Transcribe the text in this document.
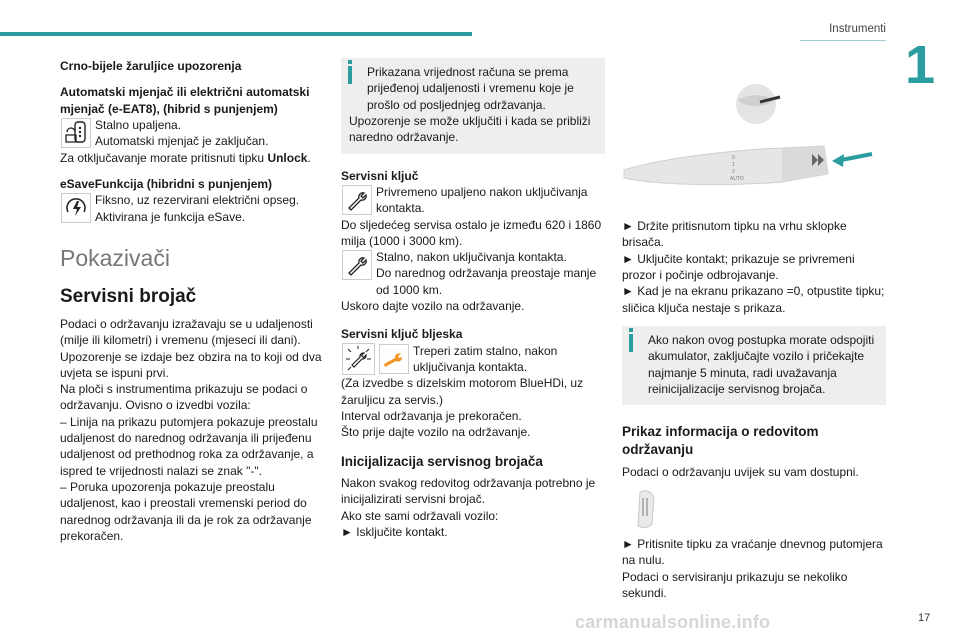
Instrumenti
1

Crno-bijele žaruljice upozorenja

Automatski mjenjač ili električni automatski mjenjač (e-EAT8), (hibrid s punjenjem)

Stalno upaljena.

Automatski mjenjač je zaključan.

Za otključavanje morate pritisnuti tipku Unlock.

eSaveFunkcija (hibridni s punjenjem)

Fiksno, uz rezervirani električni opseg.

Aktivirana je funkcija eSave.

Pokazivači

Servisni brojač

Podaci o održavanju izražavaju se u udaljenosti (milje ili kilometri) i vremenu (mjeseci ili dani).

Upozorenje se izdaje bez obzira na to koji od dva uvjeta se ispuni prvi.

Na ploči s instrumentima prikazuju se podaci o održavanju. Ovisno o izvedbi vozila:

– Linija na prikazu putomjera pokazuje preostalu udaljenost do narednog održavanja ili prijeđenu udaljenost od prethodnog roka za održavanje, a ispred te vrijednosti nalazi se znak "-".

– Poruka upozorenja pokazuje preostalu udaljenost, kao i preostali vremenski period do narednog održavanja ili da je rok za održavanje prekoračen.

Prikazana vrijednost računa se prema prijeđenoj udaljenosti i vremenu koje je prošlo od posljednjeg održavanja.

Upozorenje se može uključiti i kada se približi naredno održavanje.

Servisni ključ

Privremeno upaljeno nakon uključivanja kontakta.

Do sljedećeg servisa ostalo je između 620 i 1860 milja (1000 i 3000 km).

Stalno, nakon uključivanja kontakta.

Do narednog održavanja preostaje manje od 1000 km.

Uskoro dajte vozilo na održavanje.

Servisni ključ bljeska

Treperi zatim stalno, nakon uključivanja kontakta.

(Za izvedbe s dizelskim motorom BlueHDi, uz žaruljicu za servis.)

Interval održavanja je prekoračen.

Što prije dajte vozilo na održavanje.

Inicijalizacija servisnog brojača

Nakon svakog redovitog održavanja potrebno je inicijalizirati servisni brojač.

Ako ste sami održavali vozilo:

► Isključite kontakt.

0
1
2
AUTO

► Držite pritisnutom tipku na vrhu sklopke brisača.

► Uključite kontakt; prikazuje se privremeni prozor i počinje odbrojavanje.

► Kad je na ekranu prikazano =0, otpustite tipku; sličica ključa nestaje s prikaza.

Ako nakon ovog postupka morate odspojiti akumulator, zaključajte vozilo i pričekajte najmanje 5 minuta, radi uvažavanja reinicijalizacije servisnog brojača.

Prikaz informacija o redovitom održavanju

Podaci o održavanju uvijek su vam dostupni.

► Pritisnite tipku za vraćanje dnevnog putomjera na nulu.

Podaci o servisiranju prikazuju se nekoliko sekundi.

carmanualsonline.info	17
